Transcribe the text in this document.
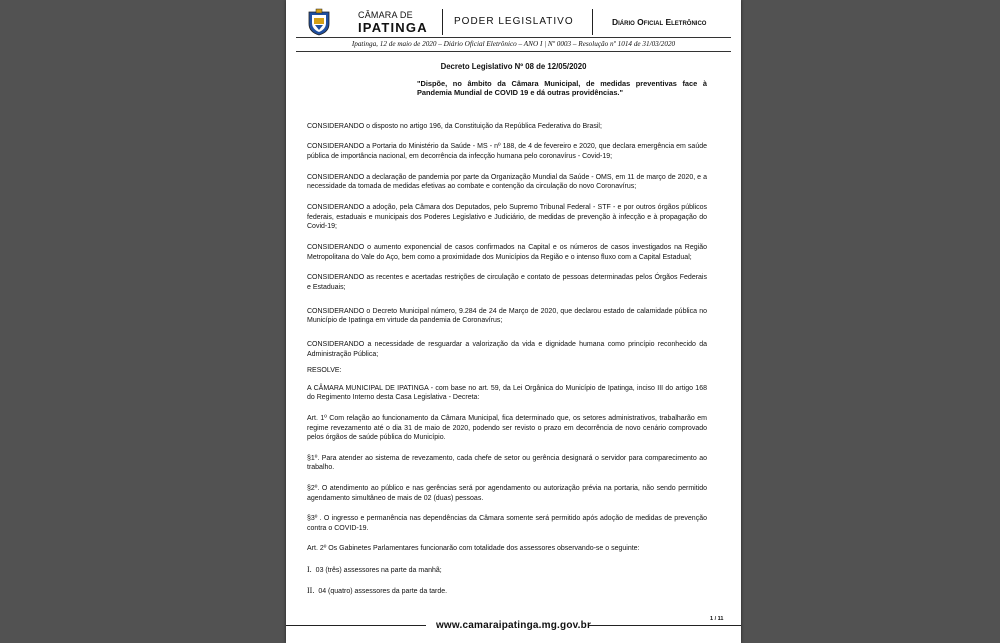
CÂMARA DE
IPATINGA	PODER LEGISLATIVO	Diário Oficial Eletrônico
Ipatinga, 12 de maio de 2020 – Diário Oficial Eletrônico – ANO I | Nº 0003 – Resolução nº 1014 de 31/03/2020
Decreto Legislativo Nº 08 de 12/05/2020
"Dispõe, no âmbito da Câmara Municipal, de medidas preventivas face à Pandemia Mundial de COVID 19 e dá outras providências."

CONSIDERANDO o disposto no artigo 196, da Constituição da República Federativa do Brasil;

CONSIDERANDO a Portaria do Ministério da Saúde - MS - nº 188, de 4 de fevereiro e 2020, que declara emergência em saúde pública de importância nacional, em decorrência da infecção humana pelo coronavírus - Covid-19;

CONSIDERANDO a declaração de pandemia por parte da Organização Mundial da Saúde - OMS, em 11 de março de 2020, e a necessidade da tomada de medidas efetivas ao combate e contenção da circulação do novo Coronavírus;

CONSIDERANDO a adoção, pela Câmara dos Deputados, pelo Supremo Tribunal Federal - STF - e por outros órgãos públicos federais, estaduais e municipais dos Poderes Legislativo e Judiciário, de medidas de prevenção à infecção e à propagação do Covid-19;

CONSIDERANDO o aumento exponencial de casos confirmados na Capital e os números de casos investigados na Região Metropolitana do Vale do Aço, bem como a proximidade dos Municípios da Região e o intenso fluxo com a Capital Estadual;

CONSIDERANDO as recentes e acertadas restrições de circulação e contato de pessoas determinadas pelos Órgãos Federais e Estaduais;

CONSIDERANDO o Decreto Municipal número, 9.284 de 24 de Março de 2020, que declarou estado de calamidade pública no Município de Ipatinga em virtude da pandemia de Coronavírus;

CONSIDERANDO a necessidade de resguardar a valorização da vida e dignidade humana como princípio reconhecido da Administração Pública;

RESOLVE:

A CÂMARA MUNICIPAL DE IPATINGA - com base no art. 59, da Lei Orgânica do Município de Ipatinga, inciso III do artigo 168 do Regimento Interno desta Casa Legislativa - Decreta:

Art. 1º Com relação ao funcionamento da Câmara Municipal, fica determinado que, os setores administrativos, trabalharão em regime revezamento até o dia 31 de maio de 2020, podendo ser revisto o prazo em decorrência de novo cenário comprovado pelos órgãos de saúde pública do Município.

§1º. Para atender ao sistema de revezamento, cada chefe de setor ou gerência designará o servidor para comparecimento ao trabalho.

§2º. O atendimento ao público e nas gerências será por agendamento ou autorização prévia na portaria, não sendo permitido agendamento simultâneo de mais de 02 (duas) pessoas.

§3º . O ingresso e permanência nas dependências da Câmara somente será permitido após adoção de medidas de prevenção contra o COVID-19.

Art. 2º Os Gabinetes Parlamentares funcionarão com totalidade dos assessores observando-se o seguinte:

I. 03 (três) assessores na parte da manhã;

II. 04 (quatro) assessores da parte da tarde.

1 / 11
www.camaraipatinga.mg.gov.br
